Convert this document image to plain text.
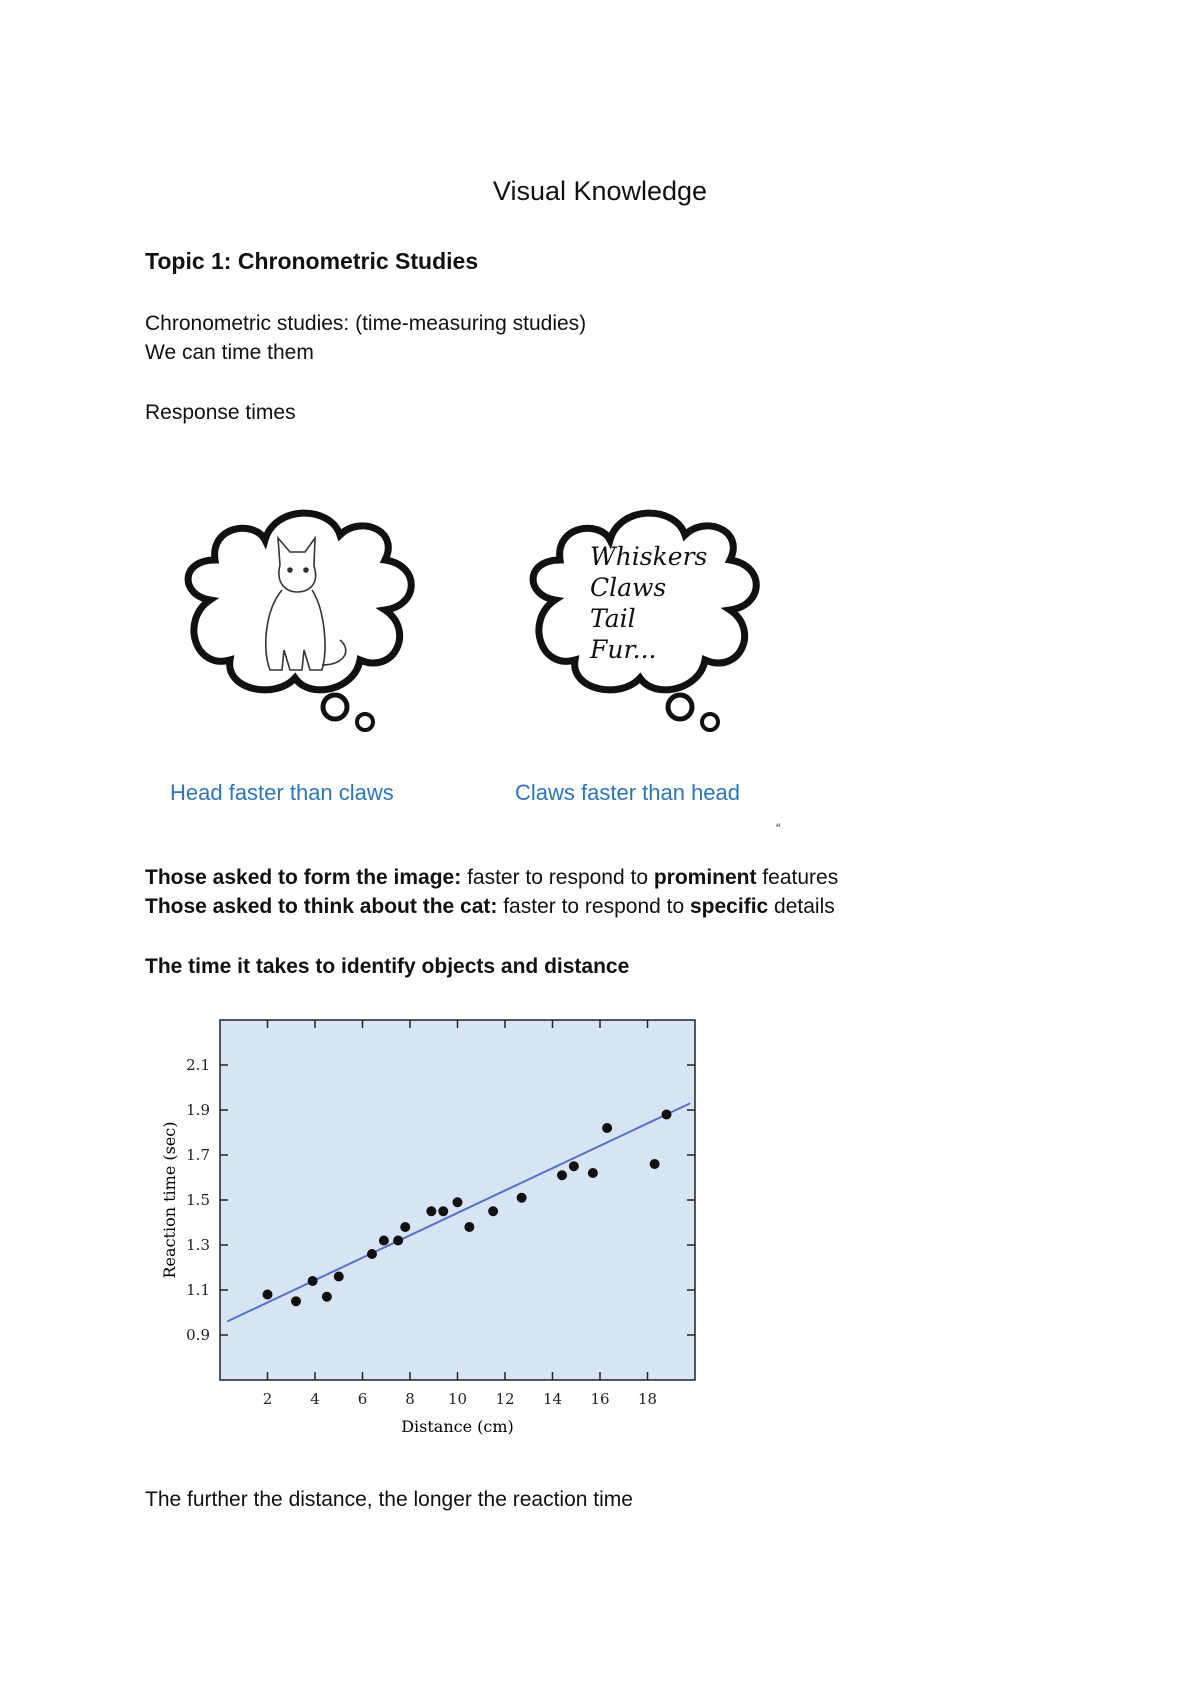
Visual Knowledge
Topic 1: Chronometric Studies
Chronometric studies: (time-measuring studies)
We can time them
Response times
Whiskers
Claws
Tail
Fur...
Head faster than claws	Claws faster than head
“
Those asked to form the image: faster to respond to prominent features
Those asked to think about the cat: faster to respond to specific details
The time it takes to identify objects and distance
2	4	6	8 10 12 14 16 18
0.9
1.1
1.3
1.5
1.7
1.9
2.1
Distance (cm)
Reaction time (sec)
The further the distance, the longer the reaction time
